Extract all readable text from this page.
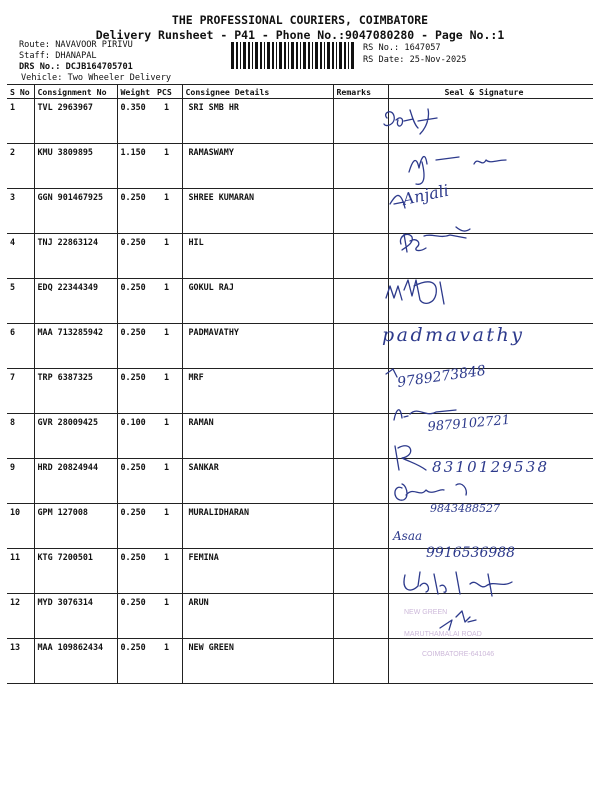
THE PROFESSIONAL COURIERS, COIMBATORE
Delivery Runsheet - P41 - Phone No.:9047080280 - Page No.:1
Route: NAVAVOOR PIRIVU
Staff: DHANAPAL
DRS No.: DCJB164705701
Vehicle: Two Wheeler Delivery
RS No.: 1647057
RS Date: 25-Nov-2025
S No	Consignment No	Weight	PCS	Consignee Details	Remarks	Seal & Signature
1	TVL 2963967	0.350	1	SRI SMB HR		
2	KMU 3809895	1.150	1	RAMASWAMY		
3	GGN 901467925	0.250	1	SHREE KUMARAN		
4	TNJ 22863124	0.250	1	HIL		
5	EDQ 22344349	0.250	1	GOKUL RAJ		
6	MAA 713285942	0.250	1	PADMAVATHY		
7	TRP 6387325	0.250	1	MRF		
8	GVR 28009425	0.100	1	RAMAN		
9	HRD 20824944	0.250	1	SANKAR		
10	GPM 127008	0.250	1	MURALIDHARAN		
11	KTG 7200501	0.250	1	FEMINA		
12	MYD 3076314	0.250	1	ARUN		
13	MAA 109862434	0.250	1	NEW GREEN		
Anjali
padmavathy
9789273848
9879102721
8310129538
9843488527
Asaa
9916536988
NEW GREEN
MARUTHAMALAI ROAD
COIMBATORE-641046
